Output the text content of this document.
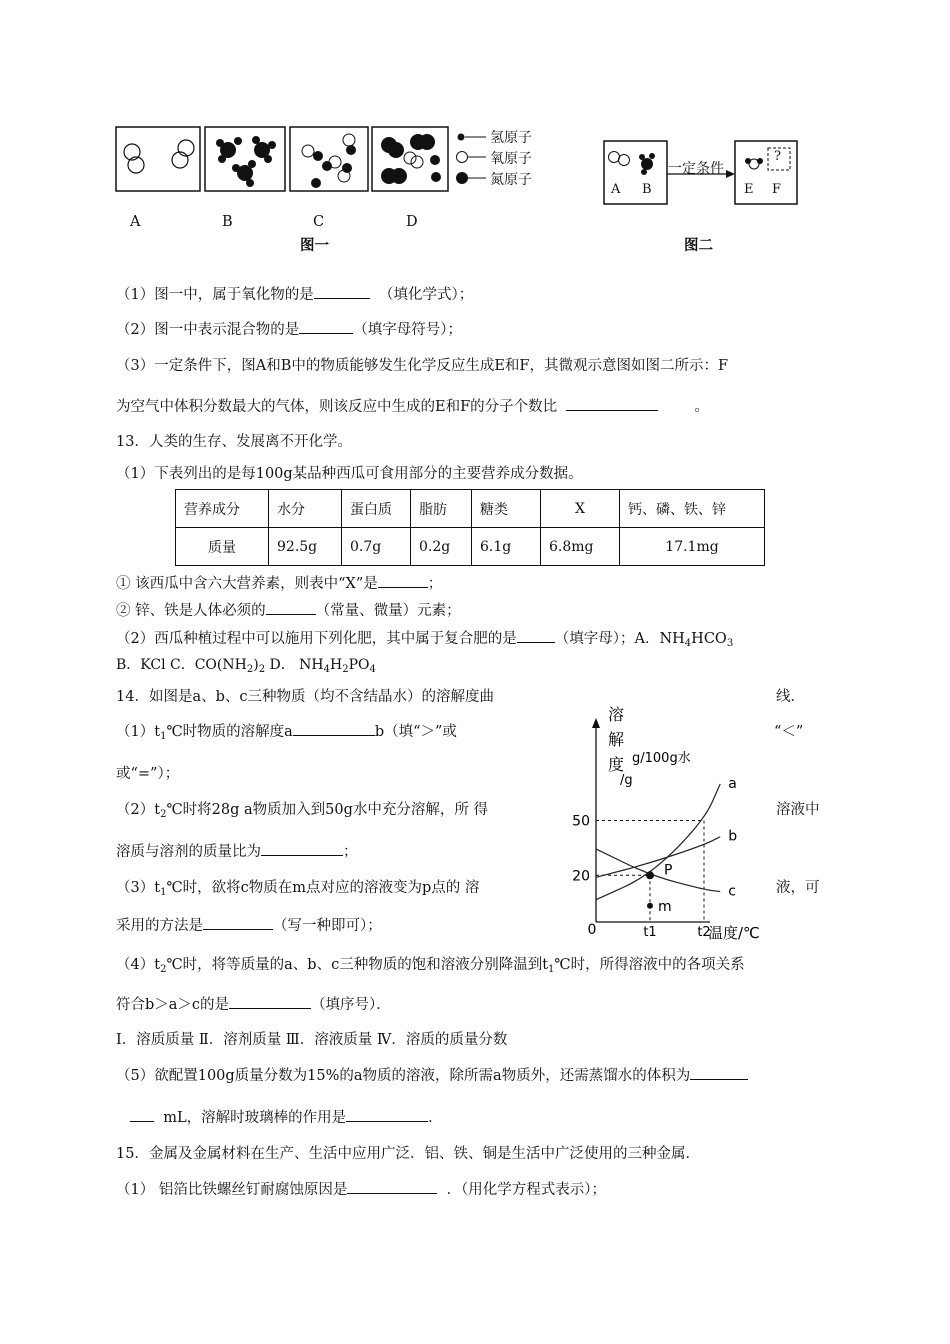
A	B	C	D
氢原子
氧原子
氮原子
图一
A B
一定条件
?
E F
图二
（1）图一中，属于氧化物的是	（填化学式）；
（2）图一中表示混合物的是	（填字母符号）；
（3）一定条件下，图A和B中的物质能够发生化学反应生成E和F，其微观示意图如图二所示：F
为空气中体积分数最大的气体，则该反应中生成的E和F的分子个数比	。
13．人类的生存、发展离不开化学。
（1）下表列出的是每100g某品种西瓜可食用部分的主要营养成分数据。
营养成分	水分	蛋白质	脂肪	糖类	X	钙、磷、铁、锌
质量	92.5g	0.7g	0.2g	6.1g	6.8mg	17.1mg
① 该西瓜中含六大营养素，则表中“X”是	；
② 锌、铁是人体必须的	（常量、微量）元素；
（2）西瓜种植过程中可以施用下列化肥，其中属于复合肥的是	（填字母）；A．$NH_4HCO_3$
B．KCl C．$CO(NH_2)_2$ D． $NH_4H_2PO_4$
14．如图是a、b、c三种物质（均不含结晶水）的溶解度曲	线．
$(1)t_1℃$时物质的溶解度a	b（填“＞”或	“＜”
或“=”）；
$(2)t_2℃$时将28g a物质加入到50g水中充分溶解，所 得	溶液中
溶质与溶剂的质量比为	；
$(3)t_1℃$时，欲将c物质在m点对应的溶液变为p点的 溶	液，可
采用的方法是	（写一种即可）；
$(4)t_2℃$时，将等质量的a、b、c三种物质的饱和溶液分别降温到$t_1℃$时，所得溶液中的各项关系
符合b＞a＞c的是	（填序号）．
Ⅰ．溶质质量 Ⅱ．溶剂质量 Ⅲ．溶液质量 Ⅳ．溶质的质量分数
（5）欲配置100g质量分数为15%的a物质的溶液，除所需a物质外，还需蒸馏水的体积为
mL，溶解时玻璃棒的作用是	．
溶
解
度 g/100g水
/g
0	温度/℃
50
20
t1	t2
a
b
c
P
m
15．金属及金属材料在生产、生活中应用广泛．铝、铁、铜是生活中广泛使用的三种金属．
（1） 铝箔比铁螺丝钉耐腐蚀原因是	．（用化学方程式表示）；
